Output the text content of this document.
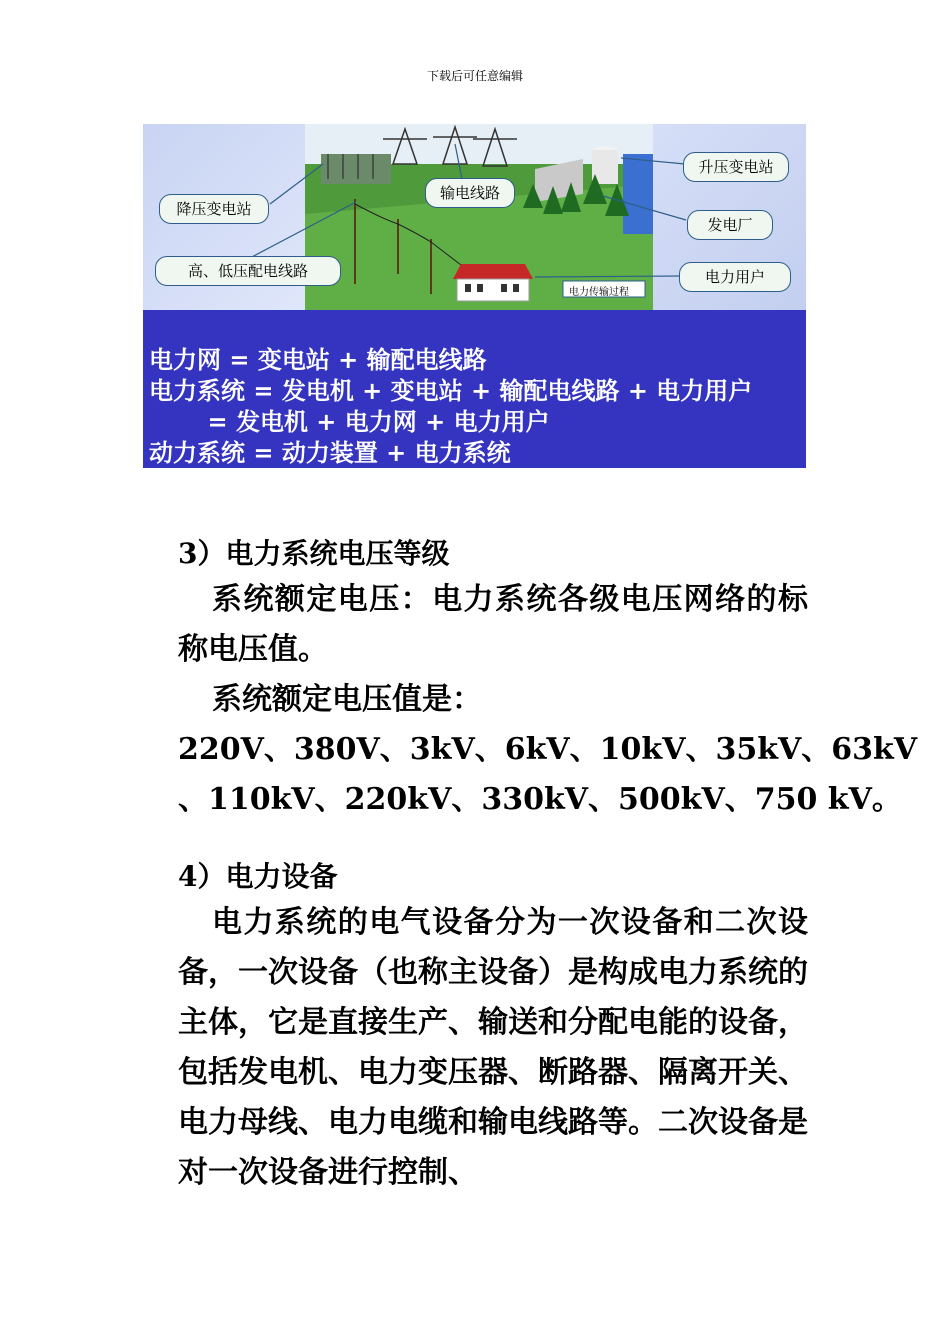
下载后可任意编辑
升压变电站
输电线路
降压变电站
发电厂
高、低压配电线路	电力用户
电力传输过程
电力网 = 变电站 + 输配电线路
电力系统 = 发电机 + 变电站 + 输配电线路 + 电力用户
= 发电机 + 电力网 + 电力用户
动力系统 = 动力装置 + 电力系统
3）电力系统电压等级
系统额定电压：电力系统各级电压网络的标称电压值。
系统额定电压值是：
220V、380V、3kV、6kV、10kV、35kV、63kV
、110kV、220kV、330kV、500kV、750 kV。
4）电力设备
电力系统的电气设备分为一次设备和二次设备，一次设备（也称主设备）是构成电力系统的主体，它是直接生产、输送和分配电能的设备，包括发电机、电力变压器、断路器、隔离开关、电力母线、电力电缆和输电线路等。二次设备是对一次设备进行控制、
